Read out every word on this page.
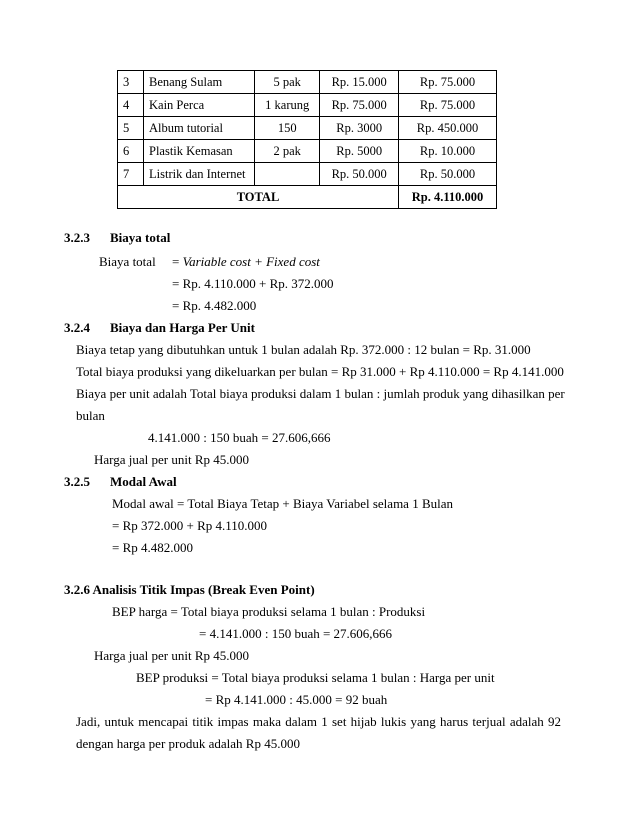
3	Benang Sulam	5 pak	Rp. 15.000	Rp. 75.000
4	Kain Perca	1 karung	Rp. 75.000	Rp. 75.000
5	Album tutorial	150	Rp. 3000	Rp. 450.000
6	Plastik Kemasan	2 pak	Rp. 5000	Rp. 10.000
7	Listrik dan Internet		Rp. 50.000	Rp. 50.000
TOTAL				Rp. 4.110.000
3.2.3 Biaya total
Biaya total = Variable cost + Fixed cost
= Rp. 4.110.000 + Rp. 372.000
= Rp. 4.482.000
3.2.4 Biaya dan Harga Per Unit
Biaya tetap yang dibutuhkan untuk 1 bulan adalah Rp. 372.000 : 12 bulan = Rp. 31.000
Total biaya produksi yang dikeluarkan per bulan = Rp 31.000 + Rp 4.110.000 = Rp 4.141.000
Biaya per unit adalah Total biaya produksi dalam 1 bulan : jumlah produk yang dihasilkan per
bulan
4.141.000 : 150 buah = 27.606,666
Harga jual per unit Rp 45.000
3.2.5 Modal Awal
Modal awal = Total Biaya Tetap + Biaya Variabel selama 1 Bulan
= Rp 372.000 + Rp 4.110.000
= Rp 4.482.000
3.2.6 Analisis Titik Impas (Break Even Point)
BEP harga = Total biaya produksi selama 1 bulan : Produksi
= 4.141.000 : 150 buah = 27.606,666
Harga jual per unit Rp 45.000
BEP produksi = Total biaya produksi selama 1 bulan : Harga per unit
= Rp 4.141.000 : 45.000 = 92 buah
Jadi, untuk mencapai titik impas maka dalam 1 set hijab lukis yang harus terjual adalah 92
dengan harga per produk adalah Rp 45.000
